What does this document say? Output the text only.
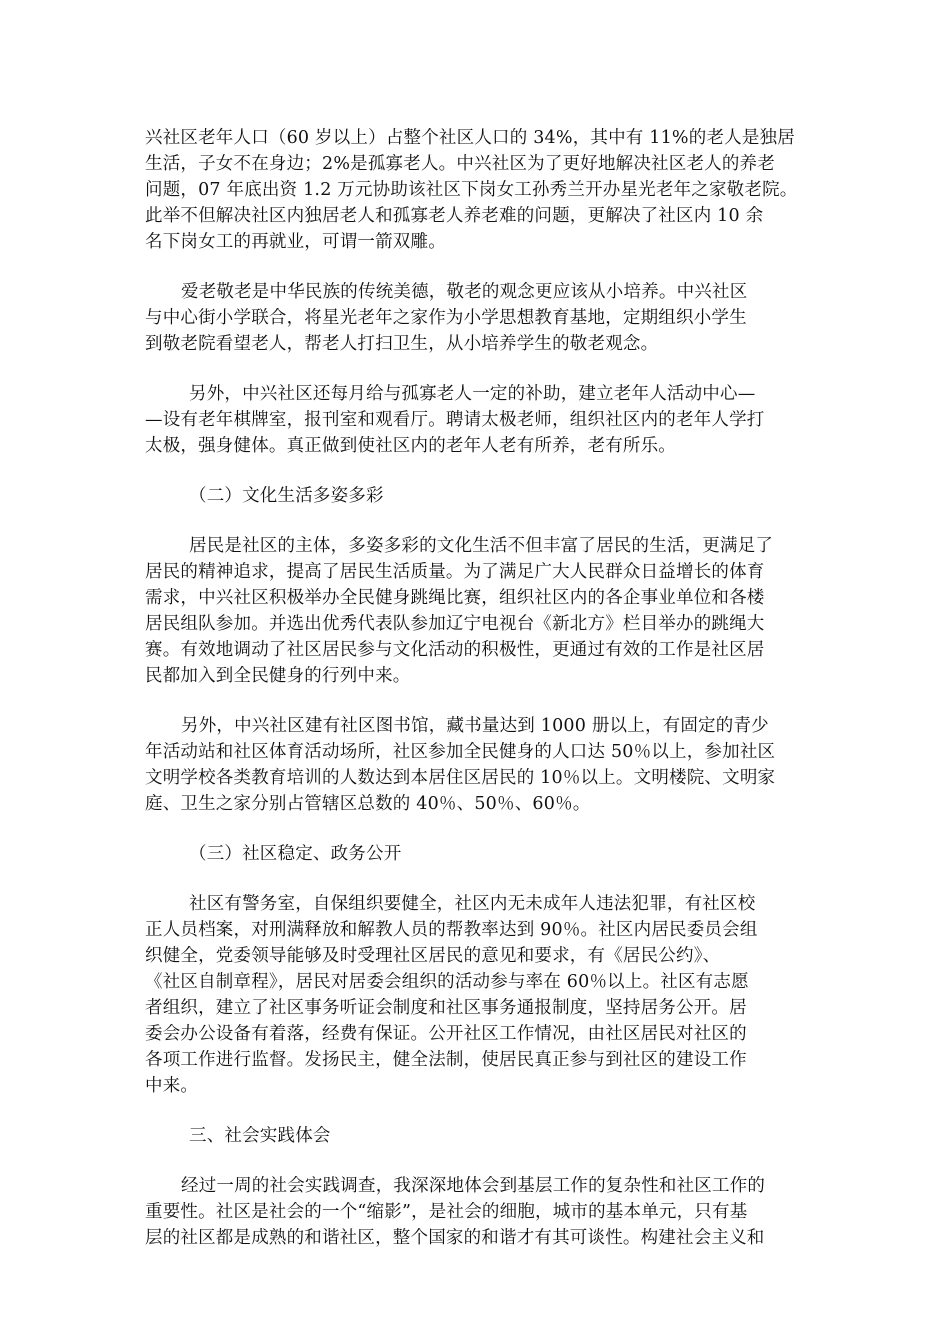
兴社区老年人口（60 岁以上）占整个社区人口的 34%，其中有 11%的老人是独居
生活，子女不在身边；2%是孤寡老人。中兴社区为了更好地解决社区老人的养老
问题，07 年底出资 1.2 万元协助该社区下岗女工孙秀兰开办星光老年之家敬老院。
此举不但解决社区内独居老人和孤寡老人养老难的问题，更解决了社区内 10 余
名下岗女工的再就业，可谓一箭双雕。
爱老敬老是中华民族的传统美德，敬老的观念更应该从小培养。中兴社区
与中心街小学联合，将星光老年之家作为小学思想教育基地，定期组织小学生
到敬老院看望老人，帮老人打扫卫生，从小培养学生的敬老观念。
另外，中兴社区还每月给与孤寡老人一定的补助，建立老年人活动中心—
—设有老年棋牌室，报刊室和观看厅。聘请太极老师，组织社区内的老年人学打
太极，强身健体。真正做到使社区内的老年人老有所养，老有所乐。
（二）文化生活多姿多彩
居民是社区的主体，多姿多彩的文化生活不但丰富了居民的生活，更满足了
居民的精神追求，提高了居民生活质量。为了满足广大人民群众日益增长的体育
需求，中兴社区积极举办全民健身跳绳比赛，组织社区内的各企事业单位和各楼
居民组队参加。并选出优秀代表队参加辽宁电视台《新北方》栏目举办的跳绳大
赛。有效地调动了社区居民参与文化活动的积极性，更通过有效的工作是社区居
民都加入到全民健身的行列中来。
另外，中兴社区建有社区图书馆，藏书量达到 1000 册以上，有固定的青少
年活动站和社区体育活动场所，社区参加全民健身的人口达 50％以上，参加社区
文明学校各类教育培训的人数达到本居住区居民的 10％以上。文明楼院、文明家
庭、卫生之家分别占管辖区总数的 40％、50％、60％。
（三）社区稳定、政务公开
社区有警务室，自保组织要健全，社区内无未成年人违法犯罪，有社区校
正人员档案，对刑满释放和解教人员的帮教率达到 90％。社区内居民委员会组
织健全，党委领导能够及时受理社区居民的意见和要求，有《居民公约》、
《社区自制章程》，居民对居委会组织的活动参与率在 60％以上。社区有志愿
者组织，建立了社区事务听证会制度和社区事务通报制度，坚持居务公开。居
委会办公设备有着落，经费有保证。公开社区工作情况，由社区居民对社区的
各项工作进行监督。发扬民主，健全法制，使居民真正参与到社区的建设工作
中来。
三、社会实践体会
经过一周的社会实践调查，我深深地体会到基层工作的复杂性和社区工作的
重要性。社区是社会的一个“缩影”，是社会的细胞，城市的基本单元，只有基
层的社区都是成熟的和谐社区，整个国家的和谐才有其可谈性。构建社会主义和
